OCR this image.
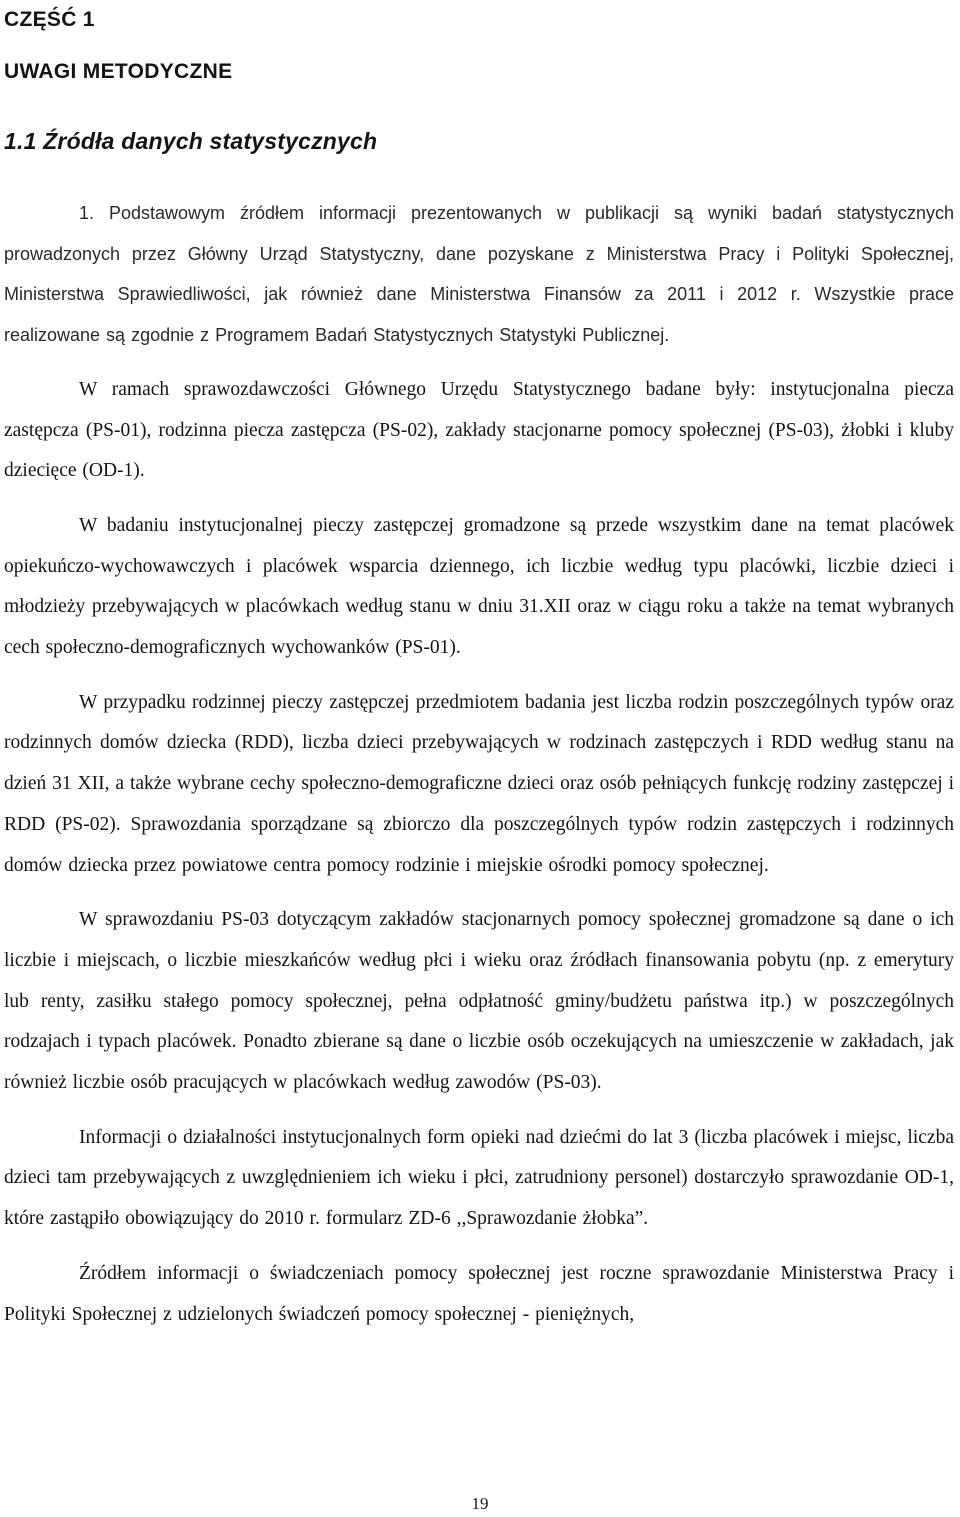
CZĘŚĆ 1
UWAGI METODYCZNE
1.1 Źródła danych statystycznych

1. Podstawowym źródłem informacji prezentowanych w publikacji są wyniki badań statystycznych prowadzonych przez Główny Urząd Statystyczny, dane pozyskane z Ministerstwa Pracy i Polityki Społecznej, Ministerstwa Sprawiedliwości, jak również dane Ministerstwa Finansów za 2011 i 2012 r. Wszystkie prace realizowane są zgodnie z Programem Badań Statystycznych Statystyki Publicznej.

W ramach sprawozdawczości Głównego Urzędu Statystycznego badane były: instytucjonalna piecza zastępcza (PS-01), rodzinna piecza zastępcza (PS-02), zakłady stacjonarne pomocy społecznej (PS-03), żłobki i kluby dziecięce (OD-1).

W badaniu instytucjonalnej pieczy zastępczej gromadzone są przede wszystkim dane na temat placówek opiekuńczo-wychowawczych i placówek wsparcia dziennego, ich liczbie według typu placówki, liczbie dzieci i młodzieży przebywających w placówkach według stanu w dniu 31.XII oraz w ciągu roku a także na temat wybranych cech społeczno-demograficznych wychowanków (PS-01).

W przypadku rodzinnej pieczy zastępczej przedmiotem badania jest liczba rodzin poszczególnych typów oraz rodzinnych domów dziecka (RDD), liczba dzieci przebywających w rodzinach zastępczych i RDD według stanu na dzień 31 XII, a także wybrane cechy społeczno-demograficzne dzieci oraz osób pełniących funkcję rodziny zastępczej i RDD (PS-02). Sprawozdania sporządzane są zbiorczo dla poszczególnych typów rodzin zastępczych i rodzinnych domów dziecka przez powiatowe centra pomocy rodzinie i miejskie ośrodki pomocy społecznej.

W sprawozdaniu PS-03 dotyczącym zakładów stacjonarnych pomocy społecznej gromadzone są dane o ich liczbie i miejscach, o liczbie mieszkańców według płci i wieku oraz źródłach finansowania pobytu (np. z emerytury lub renty, zasiłku stałego pomocy społecznej, pełna odpłatność gminy/budżetu państwa itp.) w poszczególnych rodzajach i typach placówek. Ponadto zbierane są dane o liczbie osób oczekujących na umieszczenie w zakładach, jak również liczbie osób pracujących w placówkach według zawodów (PS-03).

Informacji o działalności instytucjonalnych form opieki nad dziećmi do lat 3 (liczba placówek i miejsc, liczba dzieci tam przebywających z uwzględnieniem ich wieku i płci, zatrudniony personel) dostarczyło sprawozdanie OD-1, które zastąpiło obowiązujący do 2010 r. formularz ZD-6 ,,Sprawozdanie żłobka”.

Źródłem informacji o świadczeniach pomocy społecznej jest roczne sprawozdanie Ministerstwa Pracy i Polityki Społecznej z udzielonych świadczeń pomocy społecznej - pieniężnych,

19
